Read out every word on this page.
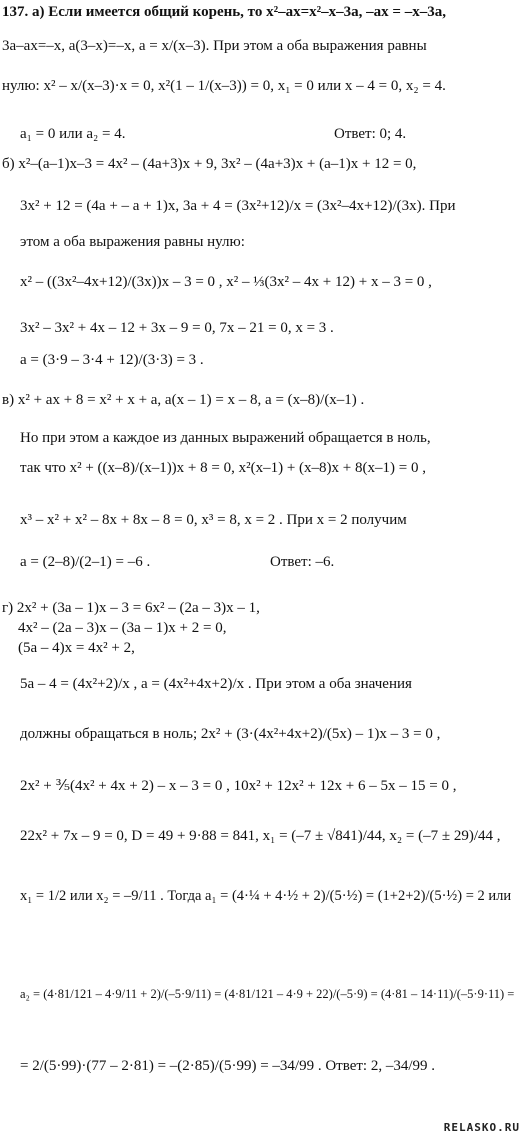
137. а) Если имеется общий корень, то x²–ax=x²–x–3a, –ax = –x–3a,
3a–ax=–x, a(3–x)=–x, a = x/(x–3). При этом a оба выражения равны
нулю: x² – x/(x–3)·x = 0, x²(1 – 1/(x–3)) = 0, x₁ = 0 или x – 4 = 0, x₂ = 4.
a₁ = 0 или a₂ = 4.	Ответ: 0; 4.
б) x²–(a–1)x–3 = 4x² – (4a+3)x + 9, 3x² – (4a+3)x + (a–1)x + 12 = 0,
3x² + 12 = (4a + – a + 1)x, 3a + 4 = (3x²+12)/x = (3x²–4x+12)/(3x). При
этом a оба выражения равны нулю:
x² – ((3x²–4x+12)/(3x))x – 3 = 0 , x² – ⅓(3x² – 4x + 12) + x – 3 = 0 ,
3x² – 3x² + 4x – 12 + 3x – 9 = 0, 7x – 21 = 0, x = 3 .
a = (3·9 – 3·4 + 12)/(3·3) = 3 .
в) x² + ax + 8 = x² + x + a, a(x – 1) = x – 8, a = (x–8)/(x–1) .
Но при этом a каждое из данных выражений обращается в ноль,
так что x² + ((x–8)/(x–1))x + 8 = 0, x²(x–1) + (x–8)x + 8(x–1) = 0 ,
x³ – x² + x² – 8x + 8x – 8 = 0, x³ = 8, x = 2 . При x = 2 получим
a = (2–8)/(2–1) = –6 .	Ответ: –6.
г) 2x² + (3a – 1)x – 3 = 6x² – (2a – 3)x – 1,
4x² – (2a – 3)x – (3a – 1)x + 2 = 0,
(5a – 4)x = 4x² + 2,
5a – 4 = (4x²+2)/x , a = (4x²+4x+2)/x . При этом a оба значения
должны обращаться в ноль; 2x² + (3·(4x²+4x+2)/(5x) – 1)x – 3 = 0 ,
2x² + ⅗(4x² + 4x + 2) – x – 3 = 0 , 10x² + 12x² + 12x + 6 – 5x – 15 = 0 ,
22x² + 7x – 9 = 0, D = 49 + 9·88 = 841, x₁ = (–7 ± √841)/44, x₂ = (–7 ± 29)/44 ,
x₁ = 1/2 или x₂ = –9/11 . Тогда a₁ = (4·¼ + 4·½ + 2)/(5·½) = (1+2+2)/(5·½) = 2 или
a₂ = (4·81/121 – 4·9/11 + 2)/(–5·9/11) = (4·81/121 – 4·9 + 22)/(–5·9) = (4·81 – 14·11)/(–5·9·11) =
= 2/(5·99)·(77 – 2·81) = –(2·85)/(5·99) = –34/99 . Ответ: 2, –34/99 .
RELASKO.RU
